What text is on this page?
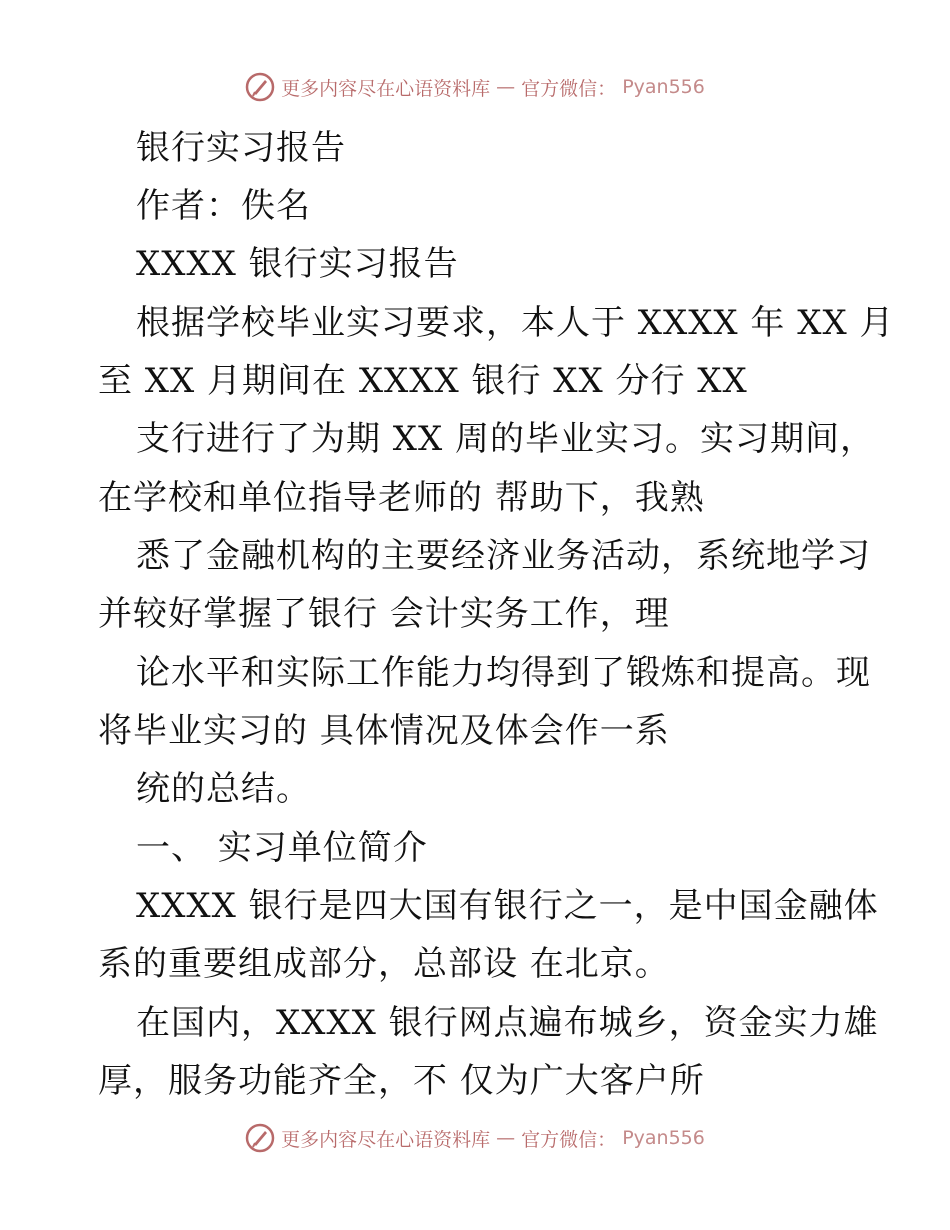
更多内容尽在心语资料库 — 官方微信： Pyan556
银行实习报告
作者：佚名
XXXX 银行实习报告
根据学校毕业实习要求，本人于 XXXX 年 XX 月
至 XX 月期间在 XXXX 银行 XX 分行 XX
支行进行了为期 XX 周的毕业实习。实习期间，
在学校和单位指导老师的 帮助下，我熟
悉了金融机构的主要经济业务活动，系统地学习
并较好掌握了银行 会计实务工作，理
论水平和实际工作能力均得到了锻炼和提高。现
将毕业实习的 具体情况及体会作一系
统的总结。
一、 实习单位简介
XXXX 银行是四大国有银行之一，是中国金融体
系的重要组成部分，总部设 在北京。
在国内，XXXX 银行网点遍布城乡，资金实力雄
厚，服务功能齐全，不 仅为广大客户所
更多内容尽在心语资料库 — 官方微信： Pyan556
